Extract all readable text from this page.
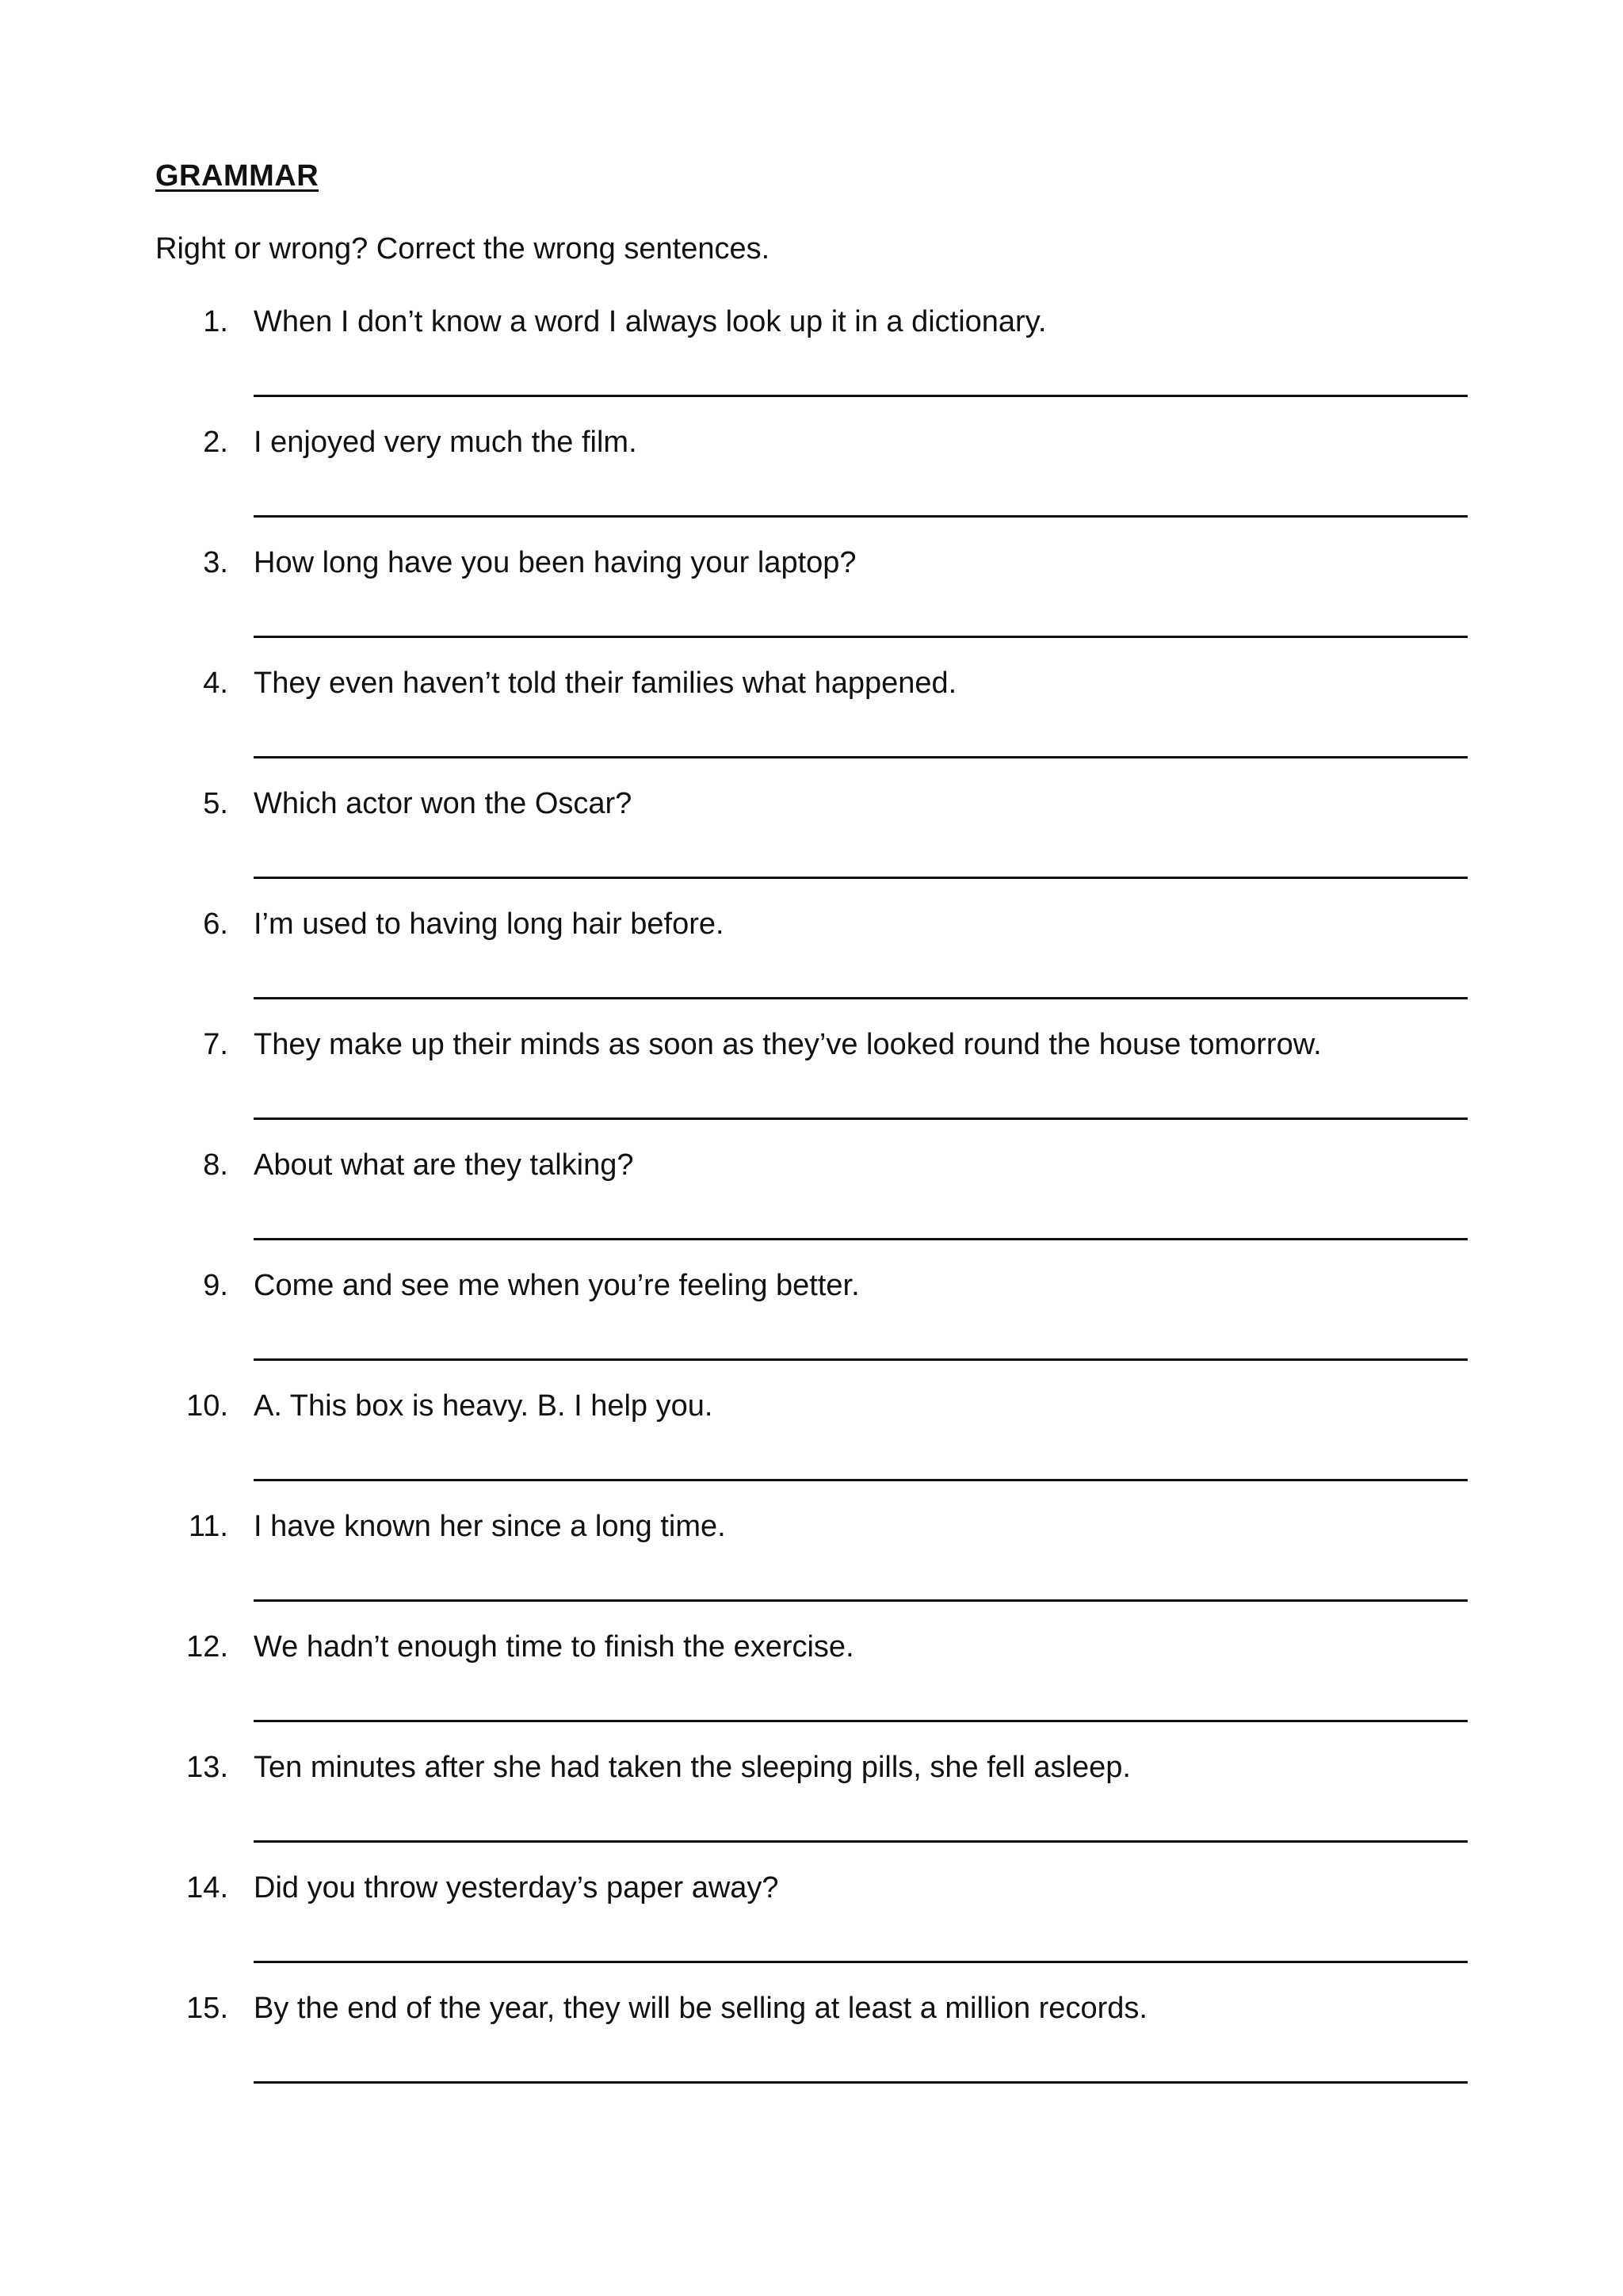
GRAMMAR

Right or wrong? Correct the wrong sentences.

1. When I don’t know a word I always look up it in a dictionary.
2. I enjoyed very much the film.
3. How long have you been having your laptop?
4. They even haven’t told their families what happened.
5. Which actor won the Oscar?
6. I’m used to having long hair before.
7. They make up their minds as soon as they’ve looked round the house tomorrow.
8. About what are they talking?
9. Come and see me when you’re feeling better.
10. A. This box is heavy. B. I help you.
11. I have known her since a long time.
12. We hadn’t enough time to finish the exercise.
13. Ten minutes after she had taken the sleeping pills, she fell asleep.
14. Did you throw yesterday’s paper away?
15. By the end of the year, they will be selling at least a million records.
